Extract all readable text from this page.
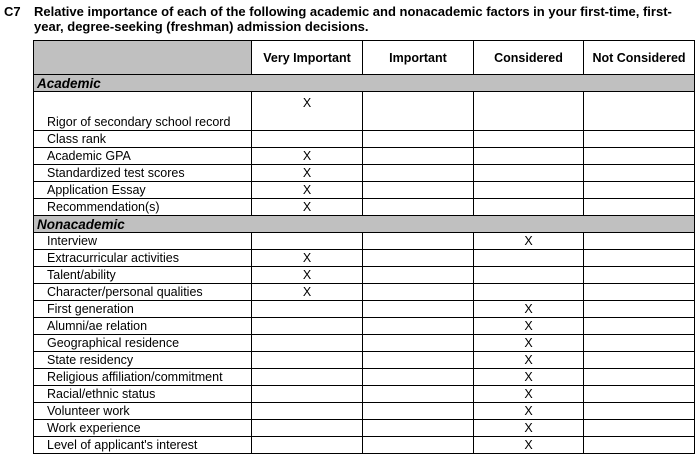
C7 Relative importance of each of the following academic and nonacademic factors in your first-time, first-year, degree-seeking (freshman) admission decisions.
	Very Important	Important	Considered	Not Considered
Academic				
Rigor of secondary school record	X			
Class rank				
Academic GPA	X			
Standardized test scores	X			
Application Essay	X			
Recommendation(s)	X			
Nonacademic				
Interview			X	
Extracurricular activities	X			
Talent/ability	X			
Character/personal qualities	X			
First generation			X	
Alumni/ae relation			X	
Geographical residence			X	
State residency			X	
Religious affiliation/commitment			X	
Racial/ethnic status			X	
Volunteer work			X	
Work experience			X	
Level of applicant's interest			X	
